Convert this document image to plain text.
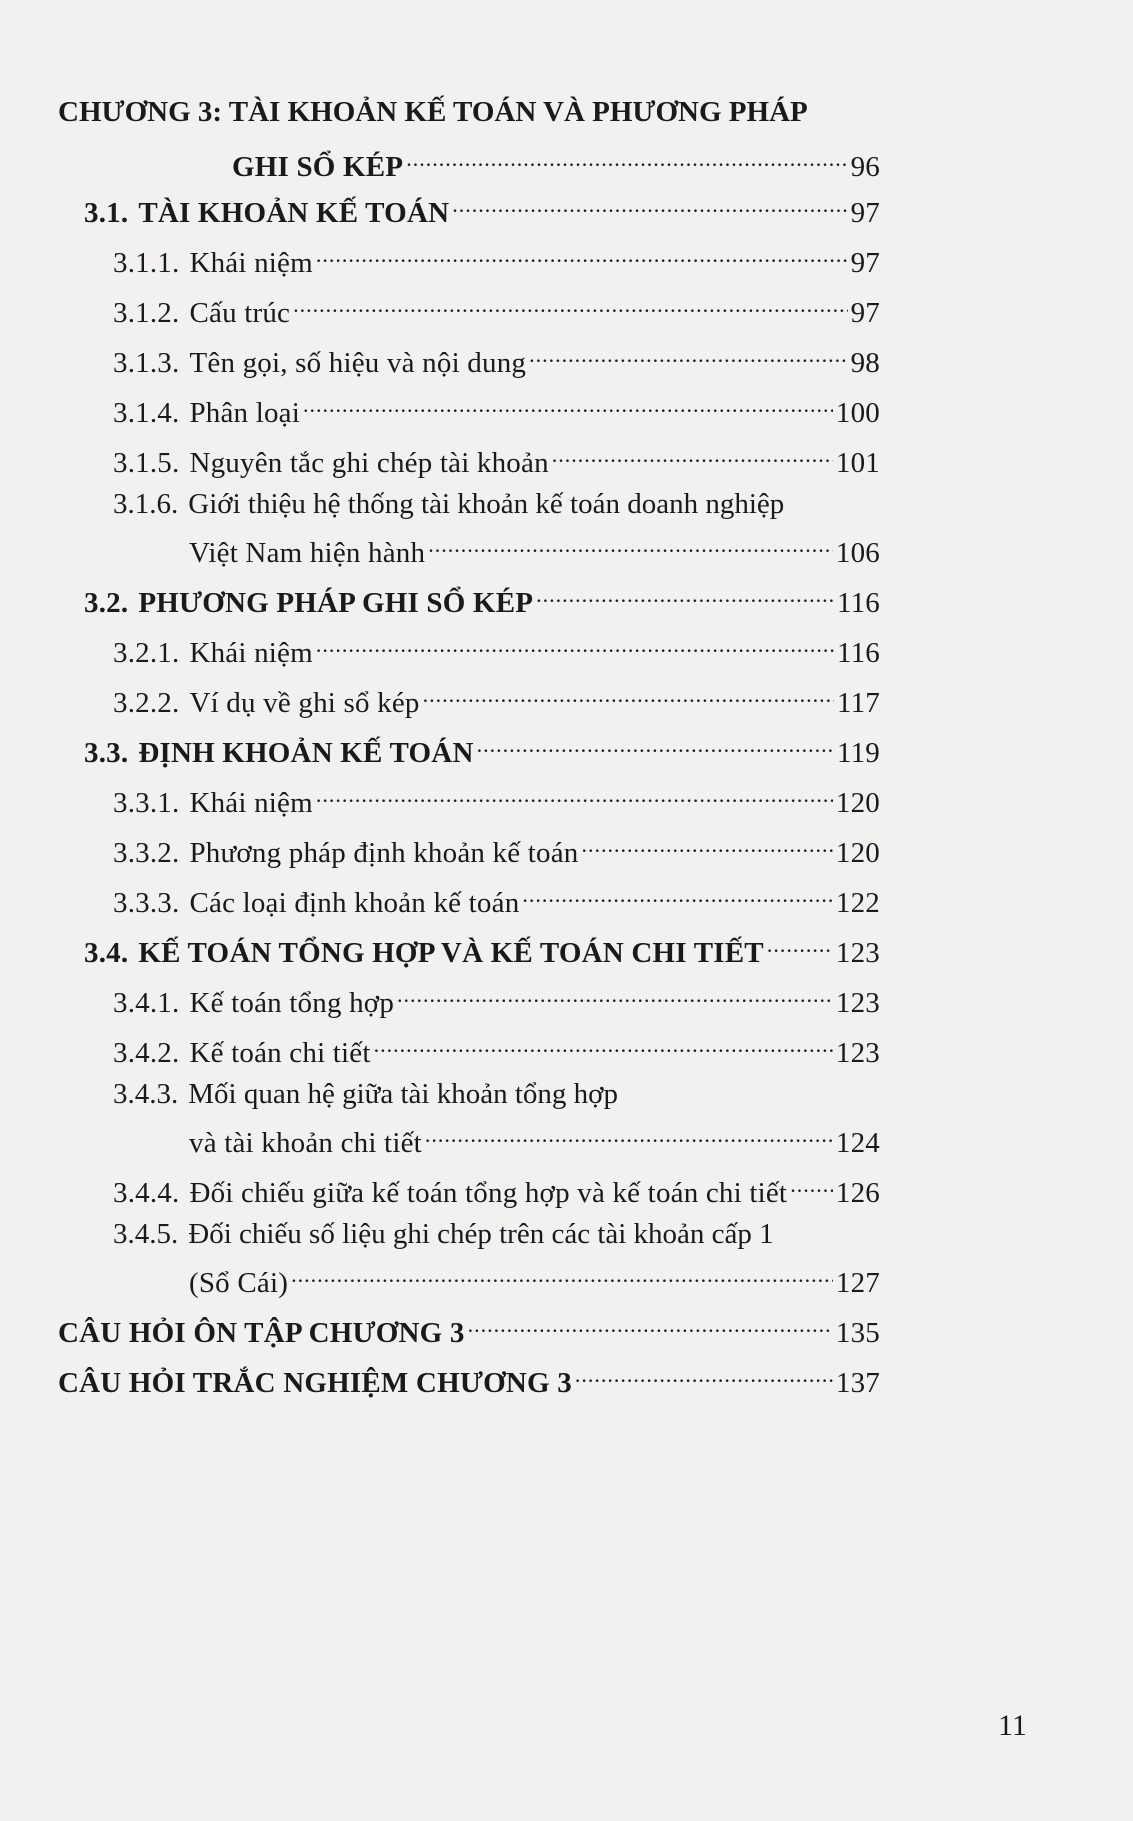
CHƯƠNG 3: TÀI KHOẢN KẾ TOÁN VÀ PHƯƠNG PHÁP
GHI SỔ KÉP .....	96
3.1. TÀI KHOẢN KẾ TOÁN .....	97
3.1.1. Khái niệm .....	97
3.1.2. Cấu trúc .....	97
3.1.3. Tên gọi, số hiệu và nội dung .....	98
3.1.4. Phân loại .....	100
3.1.5. Nguyên tắc ghi chép tài khoản .....	101
3.1.6. Giới thiệu hệ thống tài khoản kế toán doanh nghiệp
Việt Nam hiện hành .....	106
3.2. PHƯƠNG PHÁP GHI SỔ KÉP .....	116
3.2.1. Khái niệm .....	116
3.2.2. Ví dụ về ghi sổ kép .....	117
3.3. ĐỊNH KHOẢN KẾ TOÁN .....	119
3.3.1. Khái niệm .....	120
3.3.2. Phương pháp định khoản kế toán .....	120
3.3.3. Các loại định khoản kế toán .....	122
3.4. KẾ TOÁN TỔNG HỢP VÀ KẾ TOÁN CHI TIẾT ..... 123
3.4.1. Kế toán tổng hợp .....	123
3.4.2. Kế toán chi tiết .....	123
3.4.3. Mối quan hệ giữa tài khoản tổng hợp
và tài khoản chi tiết .....	124
3.4.4. Đối chiếu giữa kế toán tổng hợp và kế toán chi tiết ..... 126
3.4.5. Đối chiếu số liệu ghi chép trên các tài khoản cấp 1
(Sổ Cái) .....	127
CÂU HỎI ÔN TẬP CHƯƠNG 3 .....	135
CÂU HỎI TRẮC NGHIỆM CHƯƠNG 3 .....	137
11
